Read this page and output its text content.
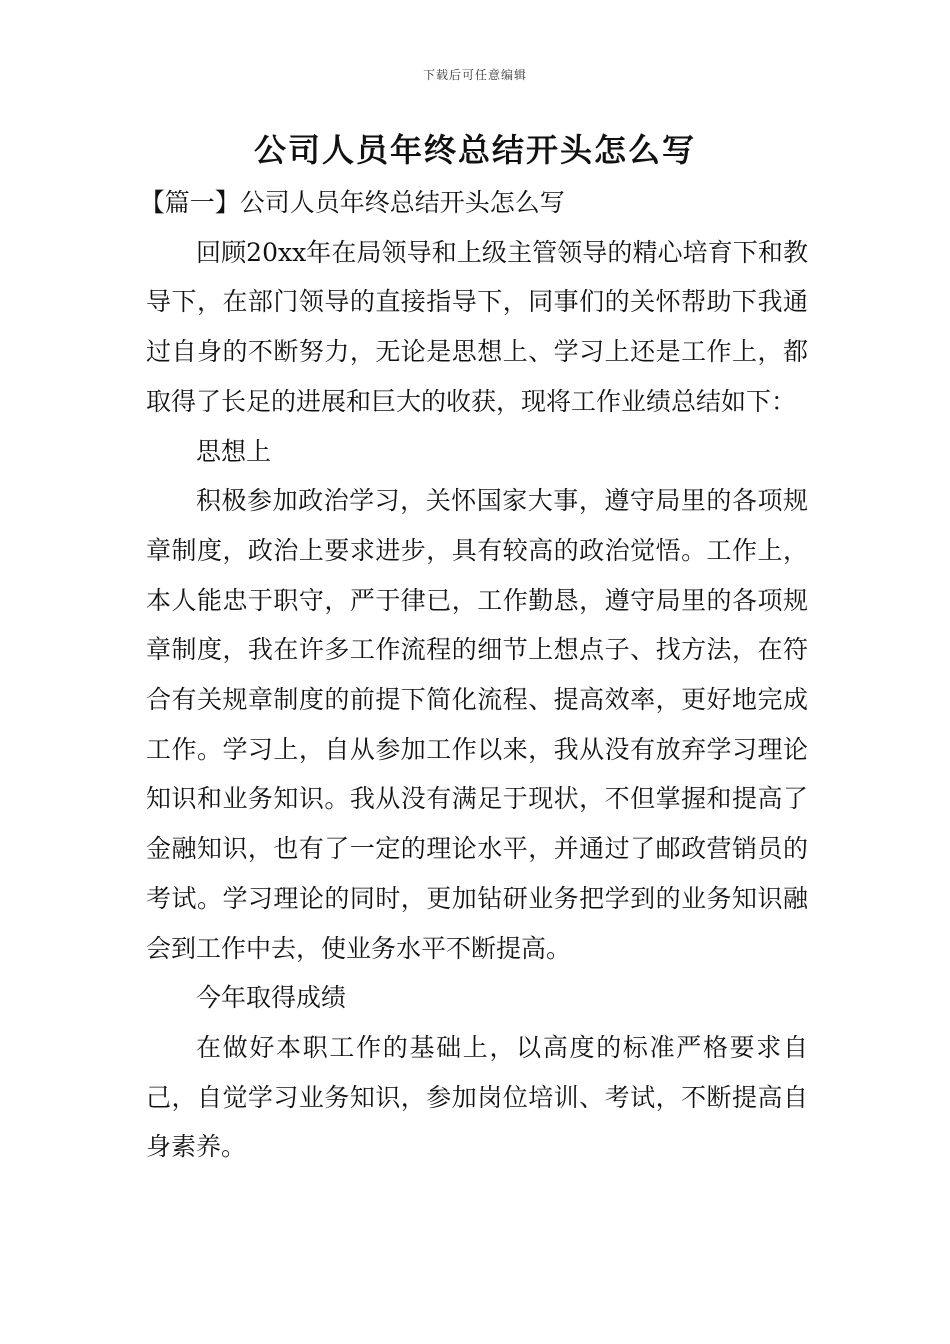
下载后可任意编辑
公司人员年终总结开头怎么写

【篇一】公司人员年终总结开头怎么写

回顾20xx年在局领导和上级主管领导的精心培育下和教导下，在部门领导的直接指导下，同事们的关怀帮助下我通过自身的不断努力，无论是思想上、学习上还是工作上，都取得了长足的进展和巨大的收获，现将工作业绩总结如下：

思想上

积极参加政治学习，关怀国家大事，遵守局里的各项规章制度，政治上要求进步，具有较高的政治觉悟。工作上，本人能忠于职守，严于律已，工作勤恳，遵守局里的各项规章制度，我在许多工作流程的细节上想点子、找方法，在符合有关规章制度的前提下简化流程、提高效率，更好地完成工作。学习上，自从参加工作以来，我从没有放弃学习理论知识和业务知识。我从没有满足于现状，不但掌握和提高了金融知识，也有了一定的理论水平，并通过了邮政营销员的考试。学习理论的同时，更加钻研业务把学到的业务知识融会到工作中去，使业务水平不断提高。

今年取得成绩

在做好本职工作的基础上，以高度的标准严格要求自己，自觉学习业务知识，参加岗位培训、考试，不断提高自身素养。
